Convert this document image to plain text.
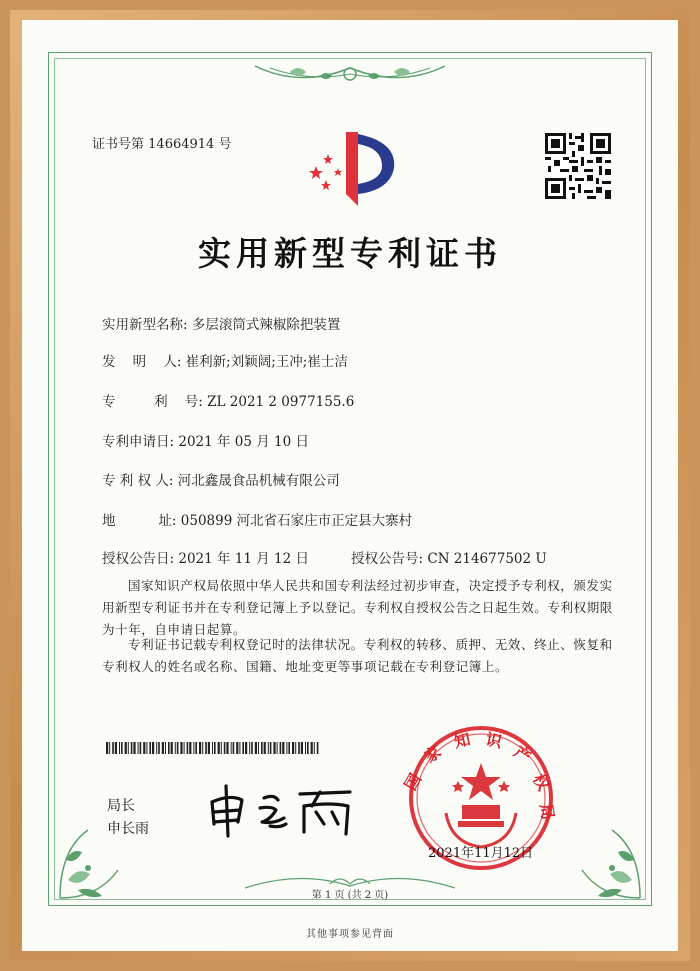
证书号第 14664914 号
实用新型专利证书
实用新型名称: 多层滚筒式辣椒除把装置
发    明    人: 崔利新;刘颖阔;王冲;崔士洁
专         利    号: ZL 2021 2 0977155.6
专利申请日: 2021 年 05 月 10 日
专 利 权 人: 河北鑫晟食品机械有限公司
地          址: 050899 河北省石家庄市正定县大寨村
授权公告日: 2021 年 11 月 12 日	授权公告号: CN 214677502 U
国家知识产权局依照中华人民共和国专利法经过初步审查，决定授予专利权，颁发实用新型专利证书并在专利登记簿上予以登记。专利权自授权公告之日起生效。专利权期限为十年，自申请日起算。
专利证书记载专利权登记时的法律状况。专利权的转移、质押、无效、终止、恢复和专利权人的姓名或名称、国籍、地址变更等事项记载在专利登记簿上。
局长
申长雨
国
家
知 识
产
权
局
2021年11月12日
第 1 页 (共 2 页)
其他事项参见背面
